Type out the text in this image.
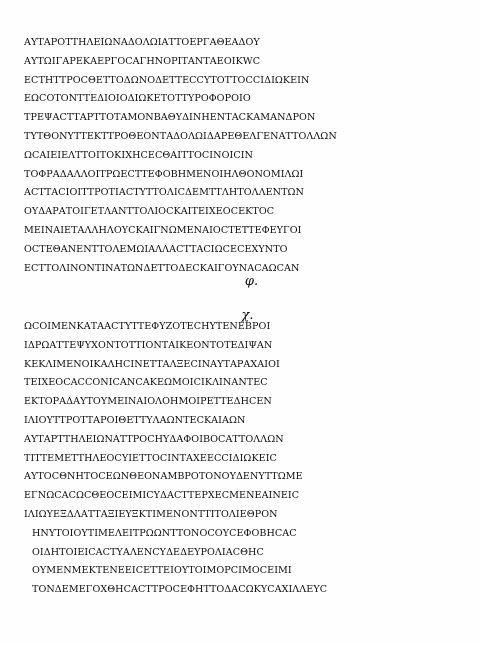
ΑΥΤΑΡΟΤΤΗΛΕΙΩΝΑΔΟΛΩΙΑΤΤΟΕΡΓΑΘΕΑΔΟΥ
ΑΥΤΩΙΓΑΡΕΚΑΕΡΓΟCΑΓΗΝΟΡΙΤΑΝΤΑΕΟΙΚWC
ΕCΤΗΤΤΡΟCΘΕΤΤΟΔΩΝΟΔΕΤΤΕCCΥΤΟΤΤΟCCΙΔΙΩΚΕΙΝ
ΕΩCΟΤΟΝΤΤΕΔΙΟΙΟΔΙΩΚΕΤΟΤΤΥΡΟΦΟΡΟΙΟ
ΤΡΕΨΑCΤΤΑΡΤΤΟΤΑΜΟΝΒΑΘΥΔΙΝΗΕΝΤΑCΚΑΜΑΝΔΡΟΝ
ΤΥΤΘΟΝΥΤΤΕΚΤΤΡΟΘΕΟΝΤΑΔΟΛΩΙΔΑΡΕΘΕΛΓΕΝΑΤΤΟΛΛΩΝ
ΩCΑΙΕΙΕΛΤΤΟΙΤΟΚΙΧΗCΕCΘΑΙΤΤΟCΙΝΟΙCΙΝ
ΤΟΦΡΑΔΑΛΛΟΙΤΡΩΕCΤΤΕΦΟΒΗΜΕΝΟΙΗΛΘΟΝΟΜΙΛΩΙ
ΑCΤΤΑCΙΟΙΤΤΡΟΤΙΑCΤΥΤΤΟΛΙCΔΕΜΤΤΛΗΤΟΛΛΕΝΤΩΝ
ΟΥΔΑΡΑΤΟΙΓΕΤΛΑΝΤΤΟΛΙΟCΚΑΙΤΕΙΧΕΟCΕΚΤΟC
ΜΕΙΝΑΙΕΤΑΛΛΗΛΟΥCΚΑΙΓΝΩΜΕΝΑΙΟCΤΕΤΤΕΦΕΥΓΟΙ
ΟCΤΕΘΑΝΕΝΤΤΟΛΕΜΩΙΑΛΛΑCΤΤΑCΙΩCΕCΕΧΥΝΤΟ
ΕCΤΤΟΛΙΝΟΝΤΙΝΑΤΩΝΔΕΤΤΟΔΕCΚΑΙΓΟΥΝΑCΑΩCΑΝ
φ.
χ.
ΩCΟΙΜΕΝΚΑΤΑΑCΤΥΤΤΕΦΥΖΟΤΕCΗΥΤΕΝΕΒΡΟΙ
ΙΔΡΩΑΤΤΕΨΥΧΟΝΤΟΤΤΙΟΝΤΑΙΚΕΟΝΤΟΤΕΔΙΨΑΝ
ΚΕΚΛΙΜΕΝΟΙΚΑΛΗCΙΝΕΤΤΑΛΞΕCΙΝΑΥΤΑΡΑΧΑΙΟΙ
ΤΕΙΧΕΟCΑCCΟΝΙCΑΝCΑΚΕΩΜΟΙCΙΚΛΙΝΑΝΤΕC
ΕΚΤΟΡΑΔΑΥΤΟΥΜΕΙΝΑΙΟΛΟΗΜΟΙΡΕΤΤΕΔΗCΕΝ
ΙΛΙΟΥΤΤΡΟΤΤΑΡΟΙΘΕΤΤΥΛΑΩΝΤΕCΚΑΙΑΩΝ
ΑΥΤΑΡΤΤΗΛΕΙΩΝΑΤΤΡΟCΗΥΔΑΦΟΙΒΟCΑΤΤΟΛΛΩΝ
ΤΙΤΤΕΜΕΤΤΗΛΕΟCΥΙΕΤΤΟCΙΝΤΑΧΕΕCCΙΔΙΩΚΕΙC
ΑΥΤΟCΘΝΗΤΟCΕΩΝΘΕΟΝΑΜΒΡΟΤΟΝΟΥΔΕΝΥΤΤΩΜΕ
ΕΓΝΩCΑCΩCΘΕΟCΕΙΜΙCΥΔΑCΤΤΕΡΧΕCΜΕΝΕΑΙΝΕΙC
ΙΛΙΩΥΕΞΔΛΑΤΤΑΞΙΕΥΞΚΤΙΜΕΝΟΝΤΤΙΤΟΛΙΕΘΡΟΝ
ΗΝΥΤΟΙΟΥΤΙΜΕΛΕΙΤΡΩΩΝΤΤΟΝΟCΟΥCΕΦΟΒΗCΑC
ΟΙΔΗΤΟΙΕΙCΑCΤΥΑΛΕΝCΥΔΕΔΕΥΡΟΛΙΑCΘΗC
ΟΥΜΕΝΜΕΚΤΕΝΕΕΙCΕΤΤΕΙΟΥΤΟΙΜΟΡCΙΜΟCΕΙΜΙ
ΤΟΝΔΕΜΕΓΟΧΘΗCΑCΤΤΡΟCΕΦΗΤΤΟΔΑCΩΚΥCΑΧΙΛΛΕΥC
